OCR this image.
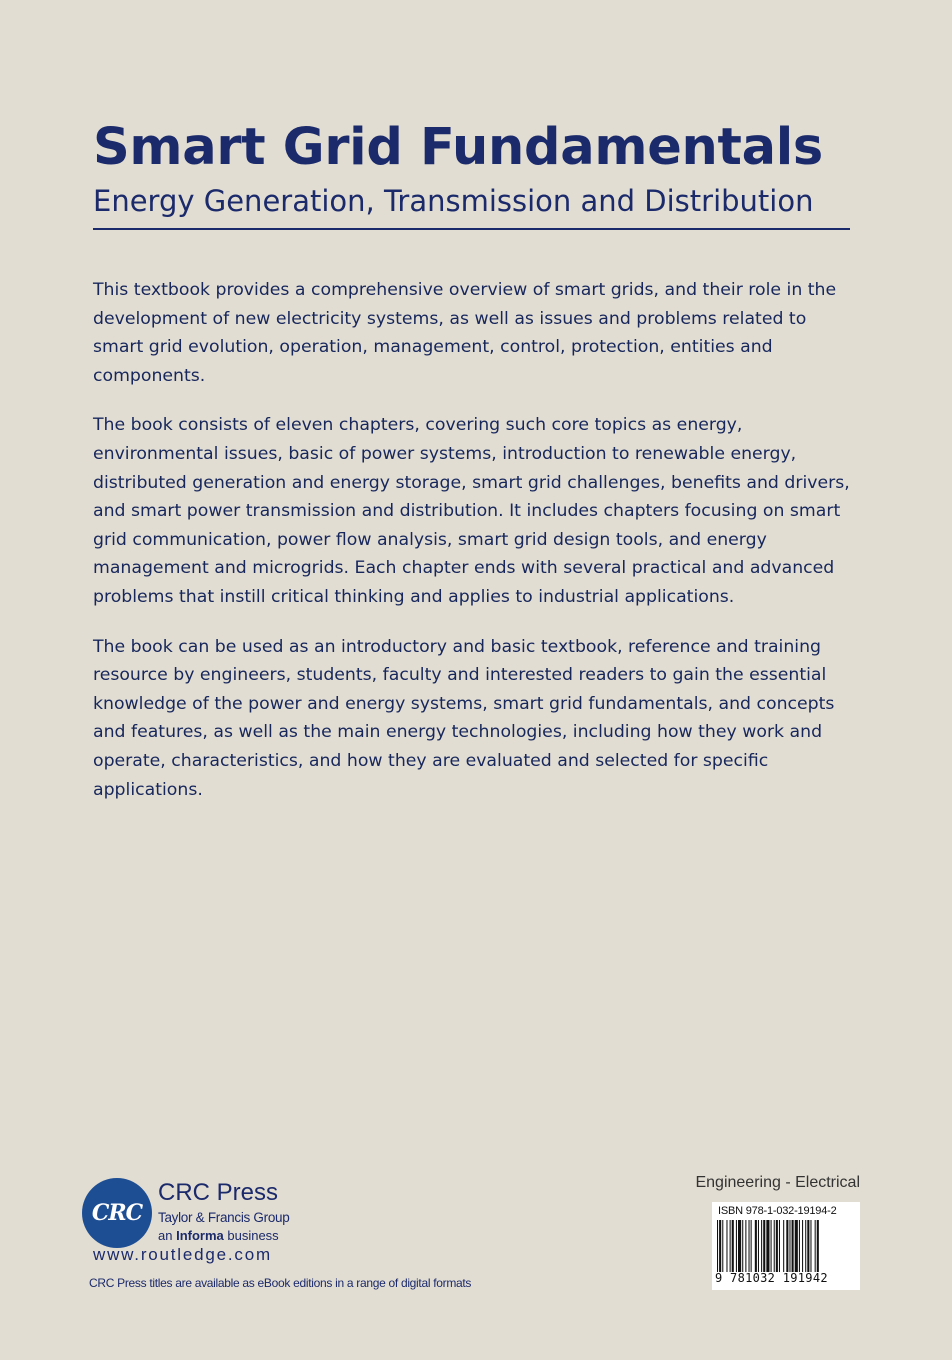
Smart Grid Fundamentals
Energy Generation, Transmission and Distribution

This textbook provides a comprehensive overview of smart grids, and their role in the development of new electricity systems, as well as issues and problems related to smart grid evolution, operation, management, control, protection, entities and components.

The book consists of eleven chapters, covering such core topics as energy, environmental issues, basic of power systems, introduction to renewable energy, distributed generation and energy storage, smart grid challenges, benefits and drivers, and smart power transmission and distribution. It includes chapters focusing on smart grid communication, power flow analysis, smart grid design tools, and energy management and microgrids. Each chapter ends with several practical and advanced problems that instill critical thinking and applies to industrial applications.

The book can be used as an introductory and basic textbook, reference and training resource by engineers, students, faculty and interested readers to gain the essential knowledge of the power and energy systems, smart grid fundamentals, and concepts and features, as well as the main energy technologies, including how they work and operate, characteristics, and how they are evaluated and selected for specific applications.

CRC
CRC Press
Taylor & Francis Group
an Informa business
www.routledge.com
CRC Press titles are available as eBook editions in a range of digital formats
Engineering - Electrical
ISBN 978-1-032-19194-2
9 781032 191942
